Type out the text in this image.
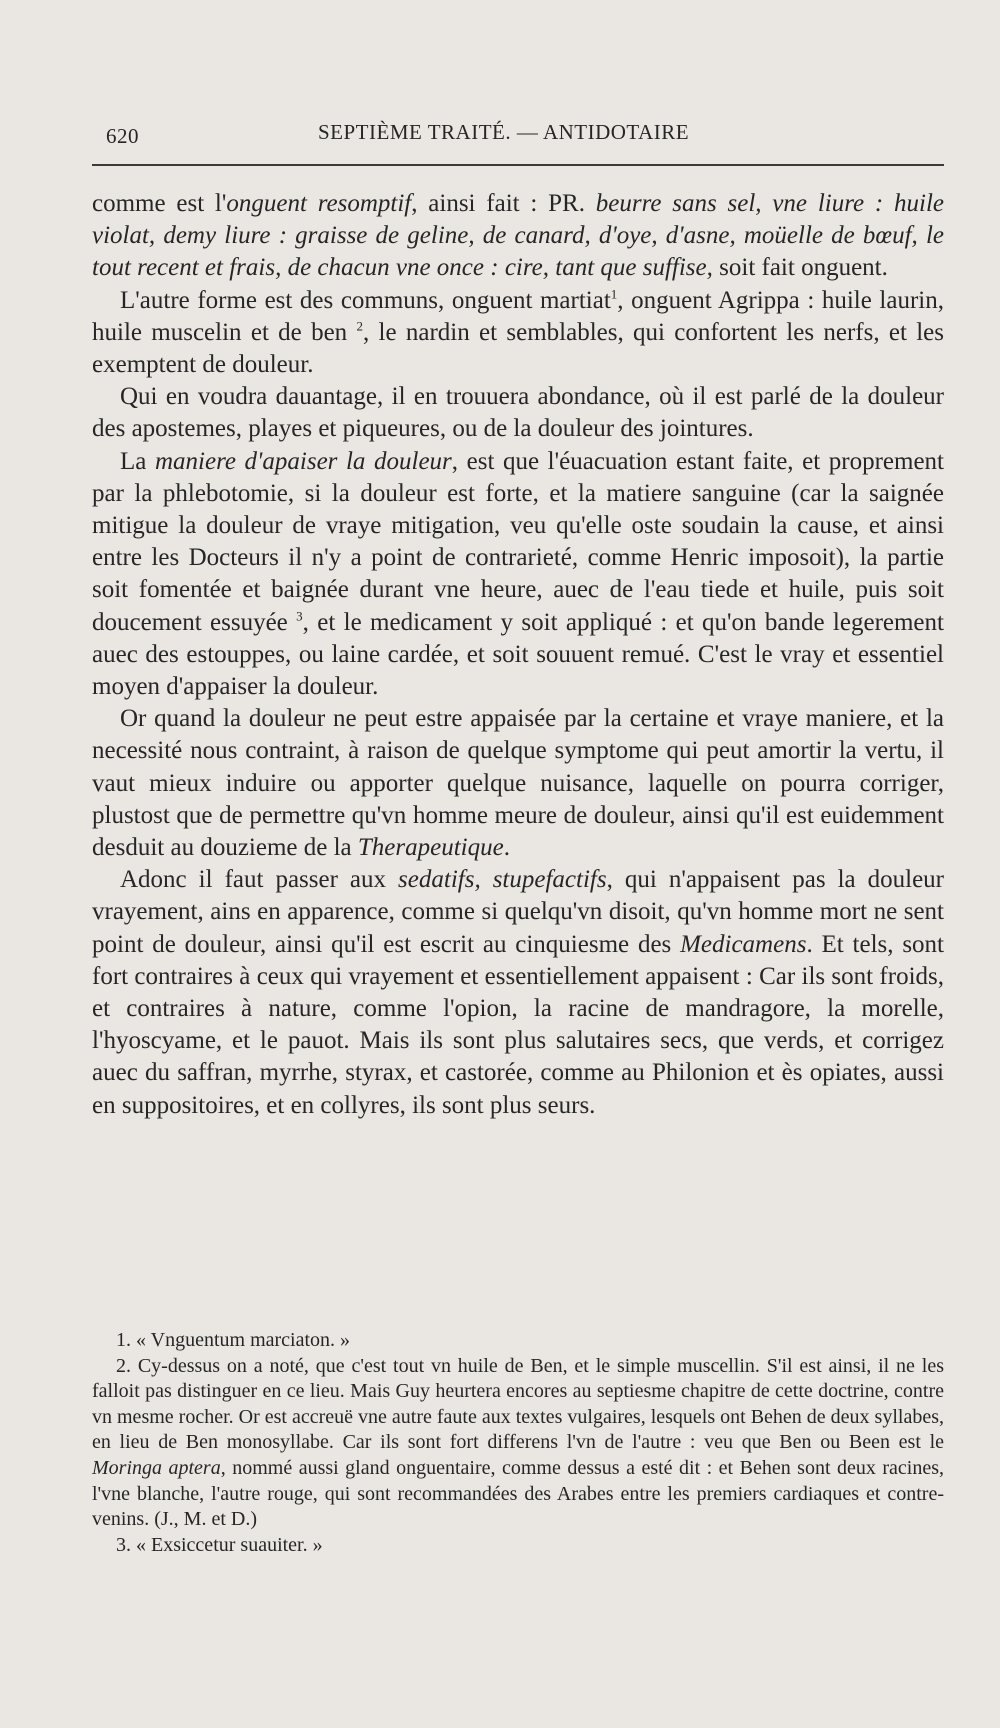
620	SEPTIÈME TRAITÉ. — ANTIDOTAIRE

comme est l'onguent resomptif, ainsi fait : PR. beurre sans sel, vne liure : huile violat, demy liure : graisse de geline, de canard, d'oye, d'asne, moüelle de bœuf, le tout recent et frais, de chacun vne once : cire, tant que suffise, soit fait onguent.

L'autre forme est des communs, onguent martiat$^1$, onguent Agrippa : huile laurin, huile muscelin et de ben $^2$, le nardin et semblables, qui confortent les nerfs, et les exemptent de douleur.

Qui en voudra dauantage, il en trouuera abondance, où il est parlé de la douleur des apostemes, playes et piqueures, ou de la douleur des jointures.

La maniere d'apaiser la douleur, est que l'éuacuation estant faite, et proprement par la phlebotomie, si la douleur est forte, et la matiere sanguine (car la saignée mitigue la douleur de vraye mitigation, veu qu'elle oste soudain la cause, et ainsi entre les Docteurs il n'y a point de contrarieté, comme Henric imposoit), la partie soit fomentée et baignée durant vne heure, auec de l'eau tiede et huile, puis soit doucement essuyée $^3$, et le medicament y soit appliqué : et qu'on bande legerement auec des estouppes, ou laine cardée, et soit souuent remué. C'est le vray et essentiel moyen d'appaiser la douleur.

Or quand la douleur ne peut estre appaisée par la certaine et vraye maniere, et la necessité nous contraint, à raison de quelque symptome qui peut amortir la vertu, il vaut mieux induire ou apporter quelque nuisance, laquelle on pourra corriger, plustost que de permettre qu'vn homme meure de douleur, ainsi qu'il est euidemment desduit au douzieme de la Therapeutique.

Adonc il faut passer aux sedatifs, stupefactifs, qui n'appaisent pas la douleur vrayement, ains en apparence, comme si quelqu'vn disoit, qu'vn homme mort ne sent point de douleur, ainsi qu'il est escrit au cinquiesme des Medicamens. Et tels, sont fort contraires à ceux qui vrayement et essentiellement appaisent : Car ils sont froids, et contraires à nature, comme l'opion, la racine de mandragore, la morelle, l'hyoscyame, et le pauot. Mais ils sont plus salutaires secs, que verds, et corrigez auec du saffran, myrrhe, styrax, et castorée, comme au Philonion et ès opiates, aussi en suppositoires, et en collyres, ils sont plus seurs.

1. « Vnguentum marciaton. »

2. Cy-dessus on a noté, que c'est tout vn huile de Ben, et le simple muscellin. S'il est ainsi, il ne les falloit pas distinguer en ce lieu. Mais Guy heurtera encores au septiesme chapitre de cette doctrine, contre vn mesme rocher. Or est accreuë vne autre faute aux textes vulgaires, lesquels ont Behen de deux syllabes, en lieu de Ben monosyllabe. Car ils sont fort differens l'vn de l'autre : veu que Ben ou Been est le Moringa aptera, nommé aussi gland onguentaire, comme dessus a esté dit : et Behen sont deux racines, l'vne blanche, l'autre rouge, qui sont recommandées des Arabes entre les premiers cardiaques et contre-venins. (J., M. et D.)

3. « Exsiccetur suauiter. »
